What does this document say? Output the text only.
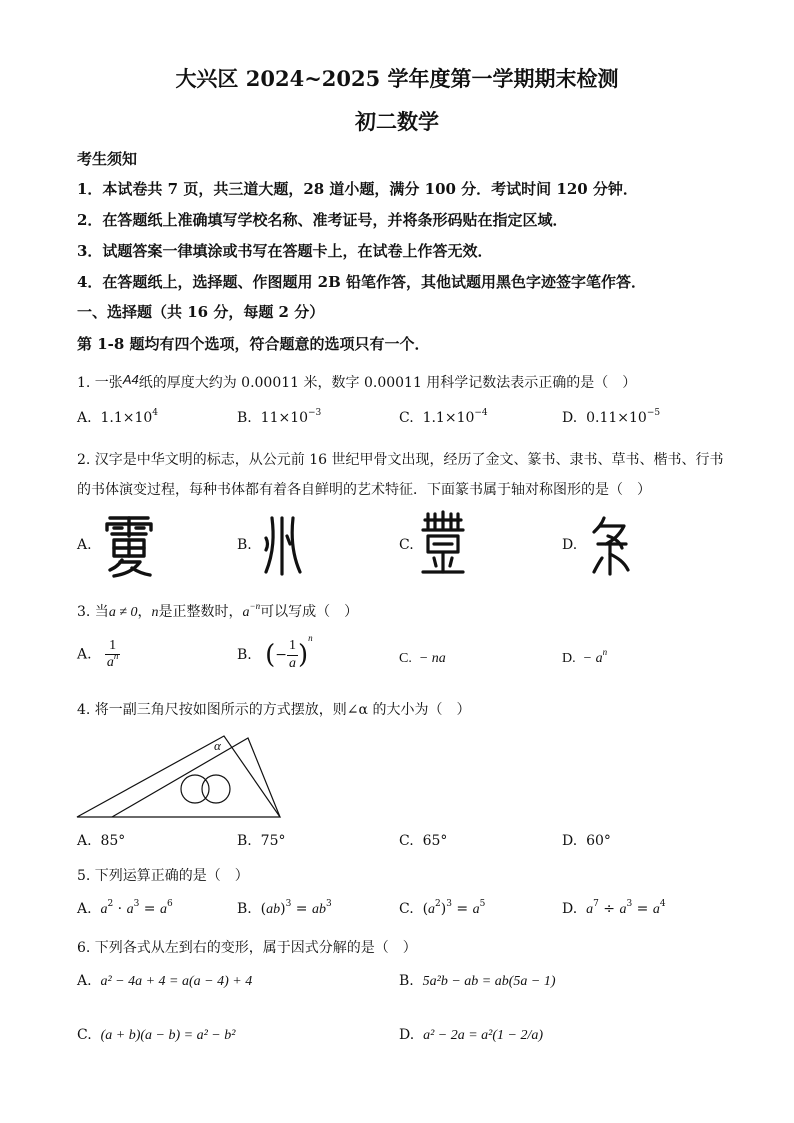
大兴区 2024~2025 学年度第一学期期末检测
初二数学
考生须知
1．本试卷共 7 页，共三道大题，28 道小题，满分 100 分．考试时间 120 分钟．
2．在答题纸上准确填写学校名称、准考证号，并将条形码贴在指定区域．
3．试题答案一律填涂或书写在答题卡上，在试卷上作答无效．
4．在答题纸上，选择题、作图题用 2B 铅笔作答，其他试题用黑色字迹签字笔作答．
一、选择题（共 16 分，每题 2 分）
第 1-8 题均有四个选项，符合题意的选项只有一个．
1. 一张A4纸的厚度大约为 0.00011 米，数字 0.00011 用科学记数法表示正确的是（　）
A. $1.1\times 10^4$	B. $11\times 10^{-3}$	C. $1.1\times 10^{-4}$	D. $0.11\times 10^{-5}$
2. 汉字是中华文明的标志，从公元前 16 世纪甲骨文出现，经历了金文、篆书、隶书、草书、楷书、行书
的书体演变过程，每种书体都有着各自鲜明的艺术特征．下面篆书属于轴对称图形的是（　）
A.	B.	C.	D.
3. 当a ≠ 0，n是正整数时，$a^{-n}$可以写成（　）
A. $\frac{1}{a^n}$	B. (− $\frac{1}{a} )^n$
C. − na	D. − $a^n$
4. 将一副三角尺按如图所示的方式摆放，则∠α 的大小为（　）
α
A. 85°	B. 75°	C. 65°	D. 60°
5. 下列运算正确的是（　）
A. $a^2 \cdot a^3 = a^6$	B.  $(ab)^3 = ab^3$	C.  $(a^2)^3 = a^5$	D. $a^7 \div a^3 = a^4$
6. 下列各式从左到右的变形，属于因式分解的是（　）
A. a² − 4a + 4 = a(a − 4) + 4	B. 5a²b − ab = ab(5a − 1)
C. (a + b)(a − b) = a² − b²	D. a² − 2a = a²(1 − 2/a)
